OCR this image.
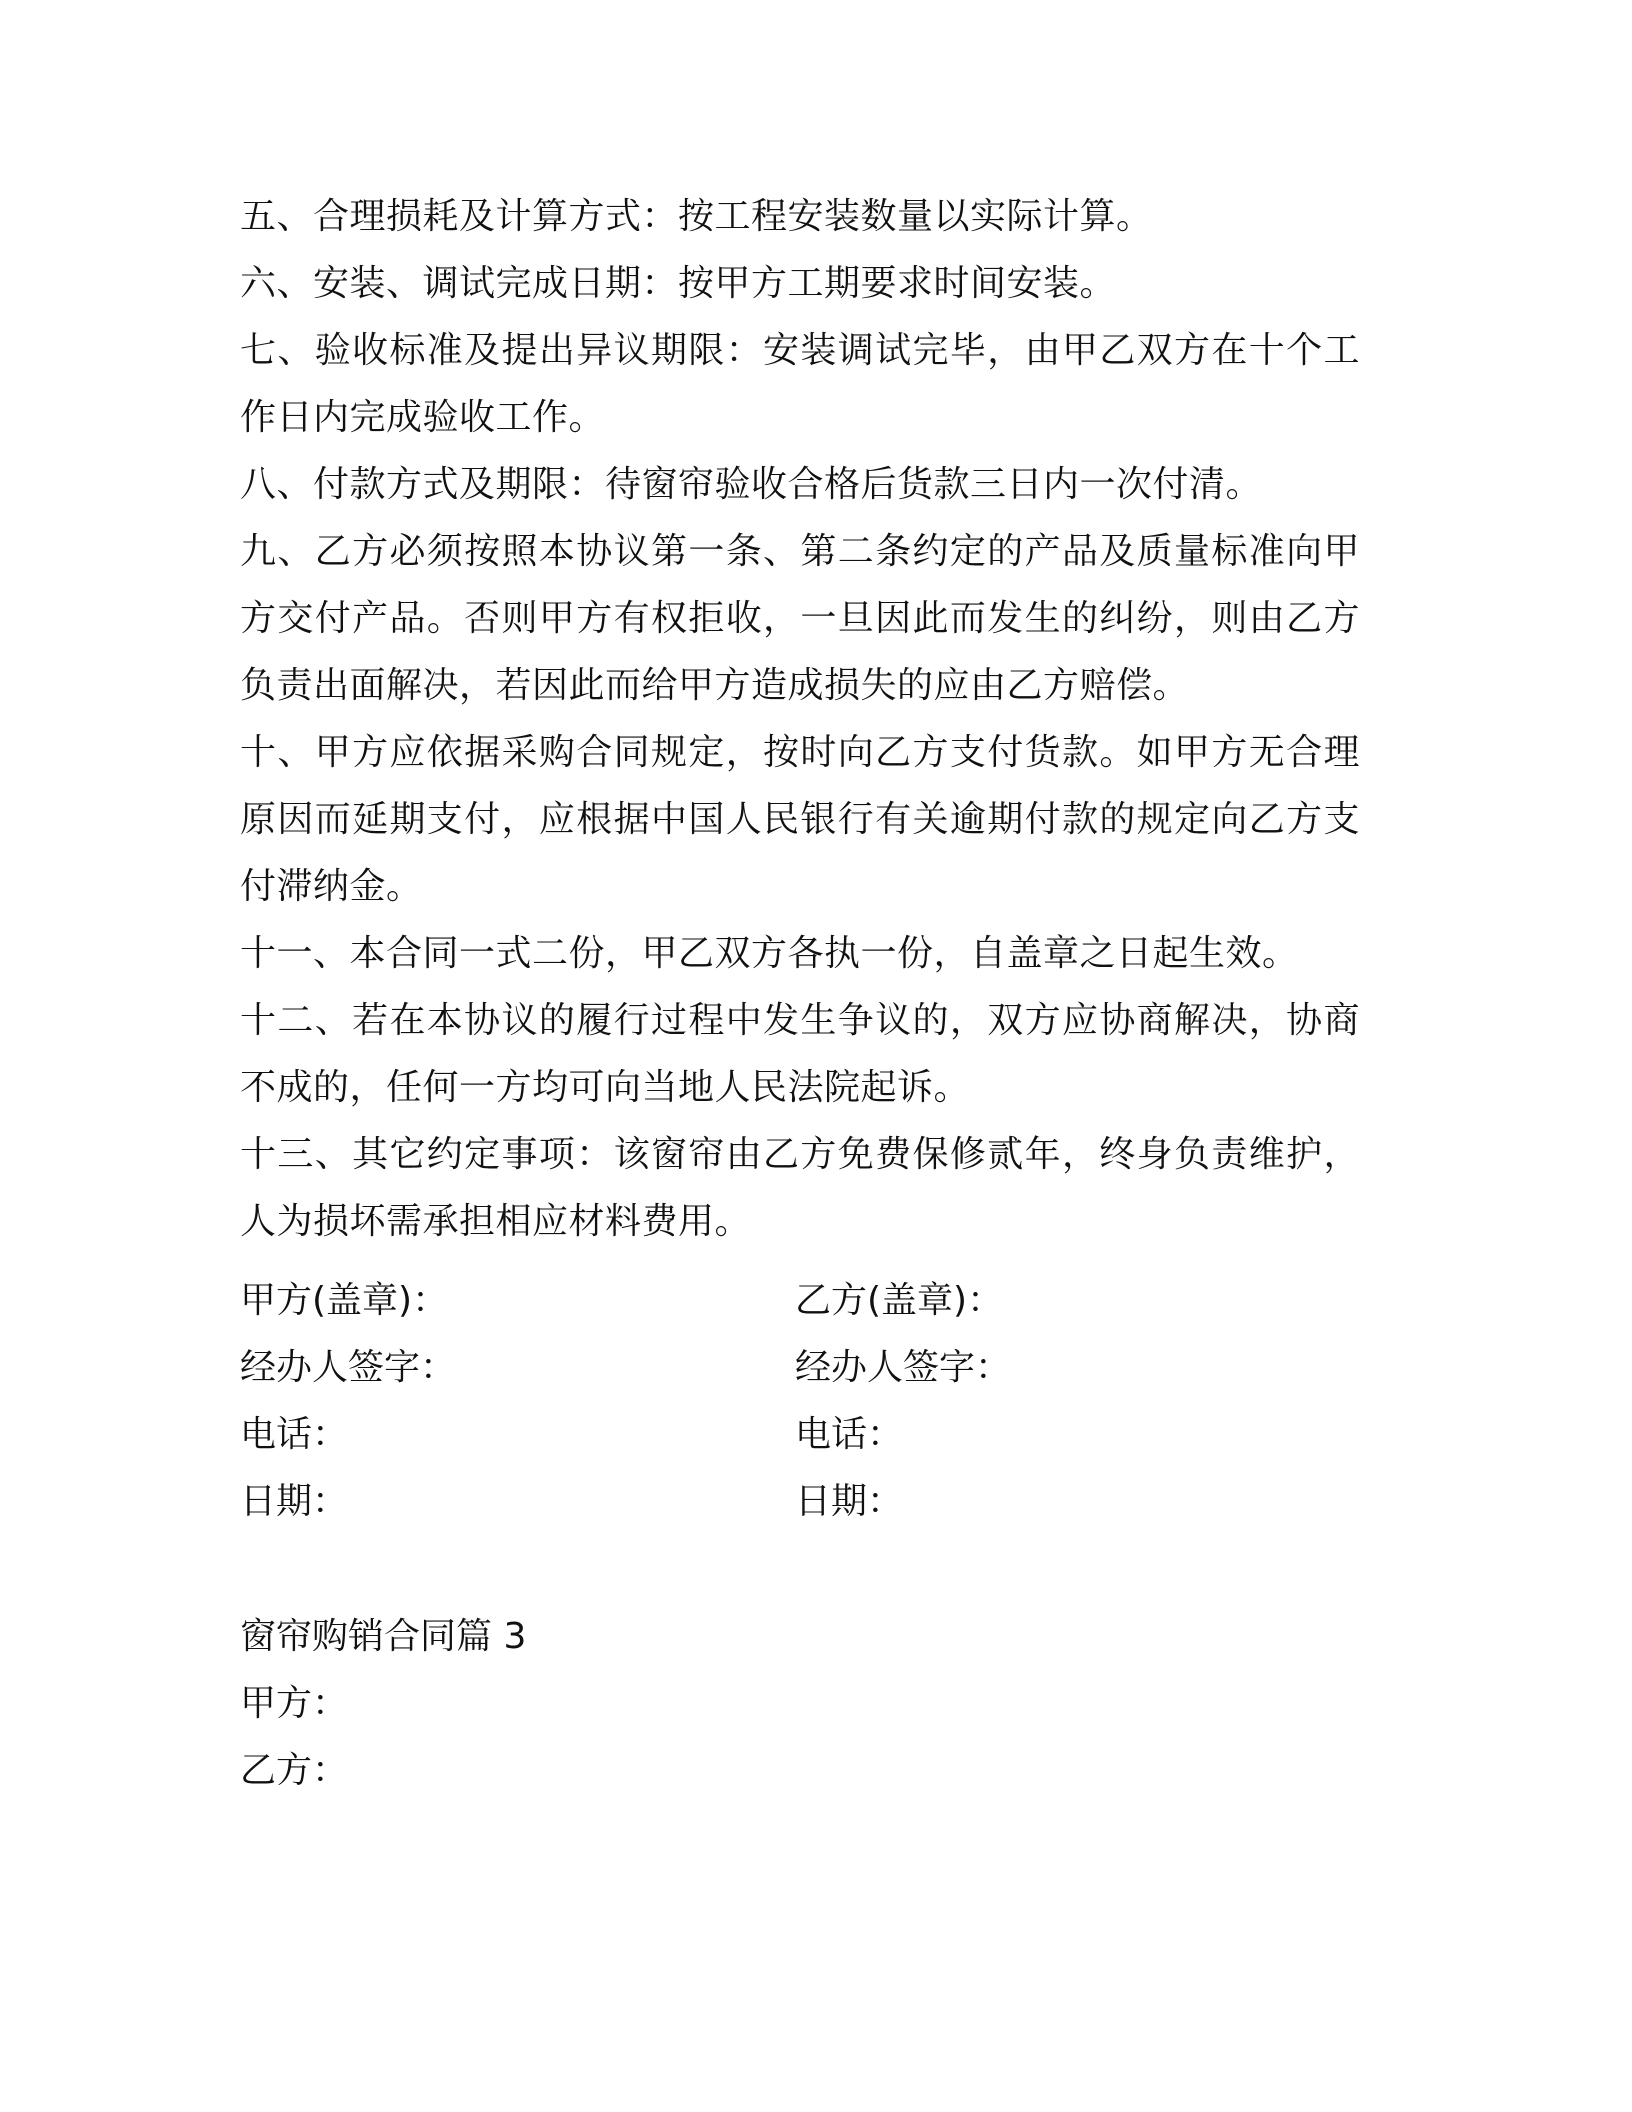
五、合理损耗及计算方式：按工程安装数量以实际计算。

六、安装、调试完成日期：按甲方工期要求时间安装。

七、验收标准及提出异议期限：安装调试完毕，由甲乙双方在十个工作日内完成验收工作。

八、付款方式及期限：待窗帘验收合格后货款三日内一次付清。

九、乙方必须按照本协议第一条、第二条约定的产品及质量标准向甲方交付产品。否则甲方有权拒收，一旦因此而发生的纠纷，则由乙方负责出面解决，若因此而给甲方造成损失的应由乙方赔偿。

十、甲方应依据采购合同规定，按时向乙方支付货款。如甲方无合理原因而延期支付，应根据中国人民银行有关逾期付款的规定向乙方支付滞纳金。

十一、本合同一式二份，甲乙双方各执一份，自盖章之日起生效。

十二、若在本协议的履行过程中发生争议的，双方应协商解决，协商不成的，任何一方均可向当地人民法院起诉。

十三、其它约定事项：该窗帘由乙方免费保修贰年，终身负责维护，人为损坏需承担相应材料费用。

甲方(盖章)：	乙方(盖章)：
经办人签字：	经办人签字：
电话：	电话：
日期：	日期：

窗帘购销合同篇 3

甲方：

乙方：
